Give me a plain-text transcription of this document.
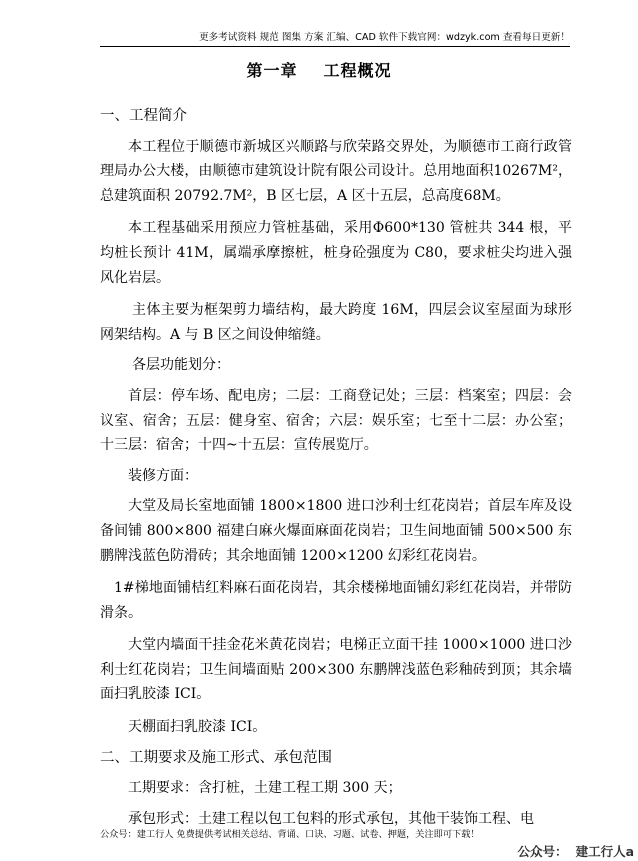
更多考试资料 规范 图集 方案 汇编、CAD 软件下载官网：wdzyk.com 查看每日更新！
第一章 工程概况

一、工程简介

本工程位于顺德市新城区兴顺路与欣荣路交界处，为顺德市工商行政管理局办公大楼，由顺德市建筑设计院有限公司设计。总用地面积10267M²，总建筑面积 20792.7M²，B 区七层，A 区十五层，总高度68M。

本工程基础采用预应力管桩基础，采用Φ600*130 管桩共 344 根，平均桩长预计 41M，属端承摩擦桩，桩身砼强度为 C80，要求桩尖均进入强风化岩层。

主体主要为框架剪力墙结构，最大跨度 16M，四层会议室屋面为球形网架结构。A 与 B 区之间设伸缩缝。

各层功能划分：

首层：停车场、配电房；二层：工商登记处；三层：档案室；四层：会议室、宿舍；五层：健身室、宿舍；六层：娱乐室；七至十二层：办公室；十三层：宿舍；十四~十五层：宣传展览厅。

装修方面：

大堂及局长室地面铺 1800×1800 进口沙利士红花岗岩；首层车库及设备间铺 800×800 福建白麻火爆面麻面花岗岩；卫生间地面铺 500×500 东鹏牌浅蓝色防滑砖；其余地面铺 1200×1200 幻彩红花岗岩。

1#梯地面铺桔红料麻石面花岗岩，其余楼梯地面铺幻彩红花岗岩，并带防滑条。

大堂内墙面干挂金花米黄花岗岩；电梯正立面干挂 1000×1000 进口沙利士红花岗岩；卫生间墙面贴 200×300 东鹏牌浅蓝色彩釉砖到顶；其余墙面扫乳胶漆 ICI。

天棚面扫乳胶漆 ICI。

二、工期要求及施工形式、承包范围

工期要求：含打桩，土建工程工期 300 天；

承包形式：土建工程以包工包料的形式承包，其他干装饰工程、电

公众号：建工行人 免费提供考试相关总结、背诵、口诀、习题、试卷、押题，关注即可下载！
公众号： 建工行人a
